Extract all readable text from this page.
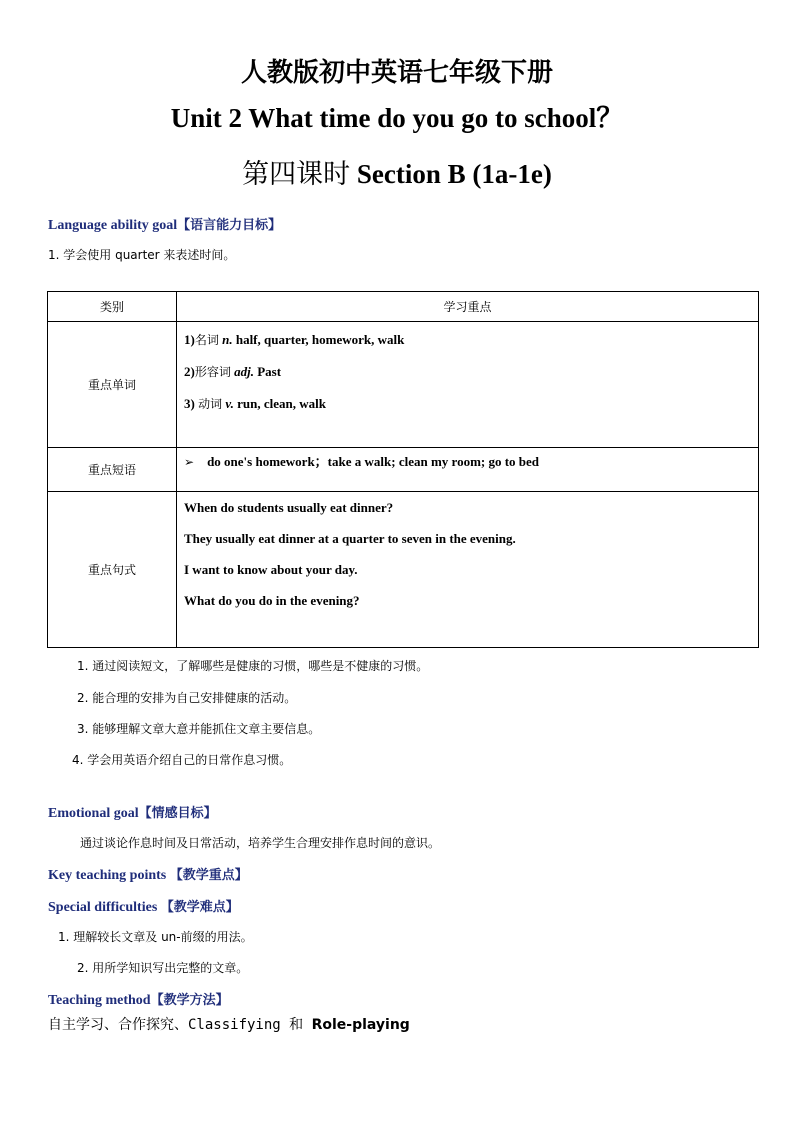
人教版初中英语七年级下册
Unit 2 What time do you go to school？
第四课时 Section B (1a-1e)
Language ability goal【语言能力目标】
1. 学会使用 quarter 来表述时间。
类别	学习重点
重点单词	1)名词 n. half, quarter, homework, walk

2)形容词 adj. Past

3) 动词 v. run, clean, walk

重点短语	➢ do one's homework；take a walk; clean my room; go to bed

重点句式	When do students usually eat dinner?

They usually eat dinner at a quarter to seven in the evening.

I want to know about your day.

What do you do in the evening?

1. 通过阅读短文，了解哪些是健康的习惯，哪些是不健康的习惯。
2. 能合理的安排为自己安排健康的活动。
3. 能够理解文章大意并能抓住文章主要信息。
4. 学会用英语介绍自己的日常作息习惯。
Emotional goal【情感目标】
通过谈论作息时间及日常活动，培养学生合理安排作息时间的意识。
Key teaching points 【教学重点】
Special difficulties 【教学难点】
1. 理解较长文章及 un-前缀的用法。
2. 用所学知识写出完整的文章。
Teaching method【教学方法】
自主学习、合作探究、Classifying 和 Role-playing
